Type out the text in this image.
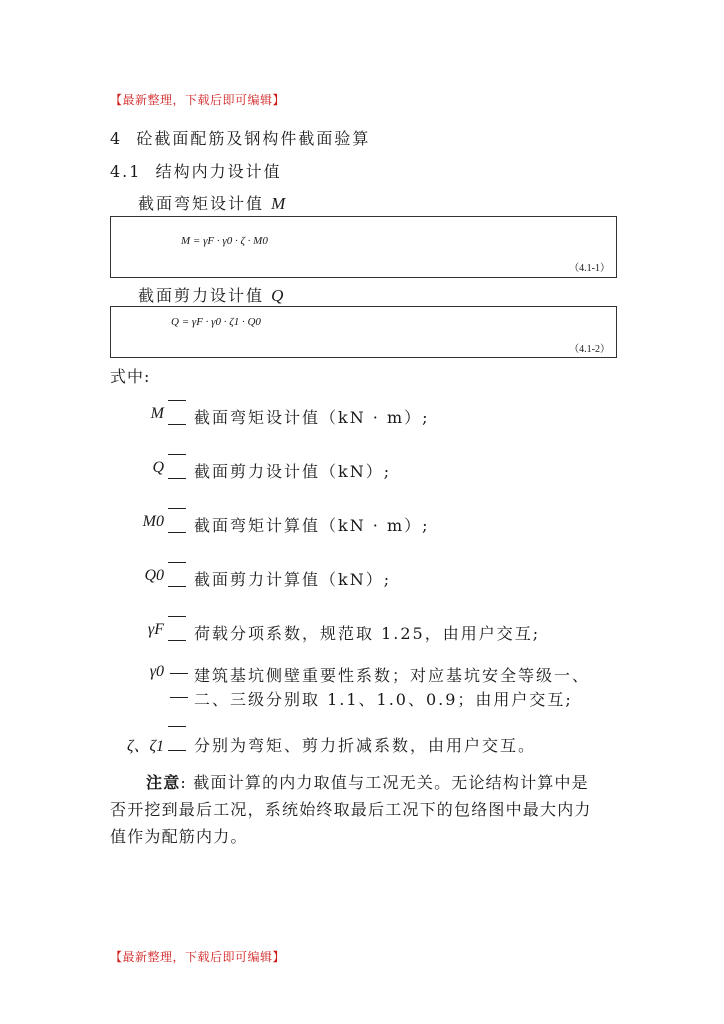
【最新整理，下载后即可编辑】
4 砼截面配筋及钢构件截面验算
4.1 结构内力设计值
截面弯矩设计值 M
M = γF · γ0 · ζ · M0
（4.1-1）
截面剪力设计值 Q
Q = γF · γ0 · ζ1 · Q0
（4.1-2）
式中:
M 截面弯矩设计值（kN · m）;
Q 截面剪力设计值（kN）;
M0 截面弯矩计算值（kN · m）;
Q0 截面剪力计算值（kN）;
γF 荷载分项系数，规范取 1.25，由用户交互;
γ0 建筑基坑侧壁重要性系数；对应基坑安全等级一、
二、三级分别取 1.1、1.0、0.9；由用户交互;
ζ、ζ1 分别为弯矩、剪力折减系数，由用户交互。
注意: 截面计算的内力取值与工况无关。无论结构计算中是
否开挖到最后工况，系统始终取最后工况下的包络图中最大内力
值作为配筋内力。
【最新整理，下载后即可编辑】
